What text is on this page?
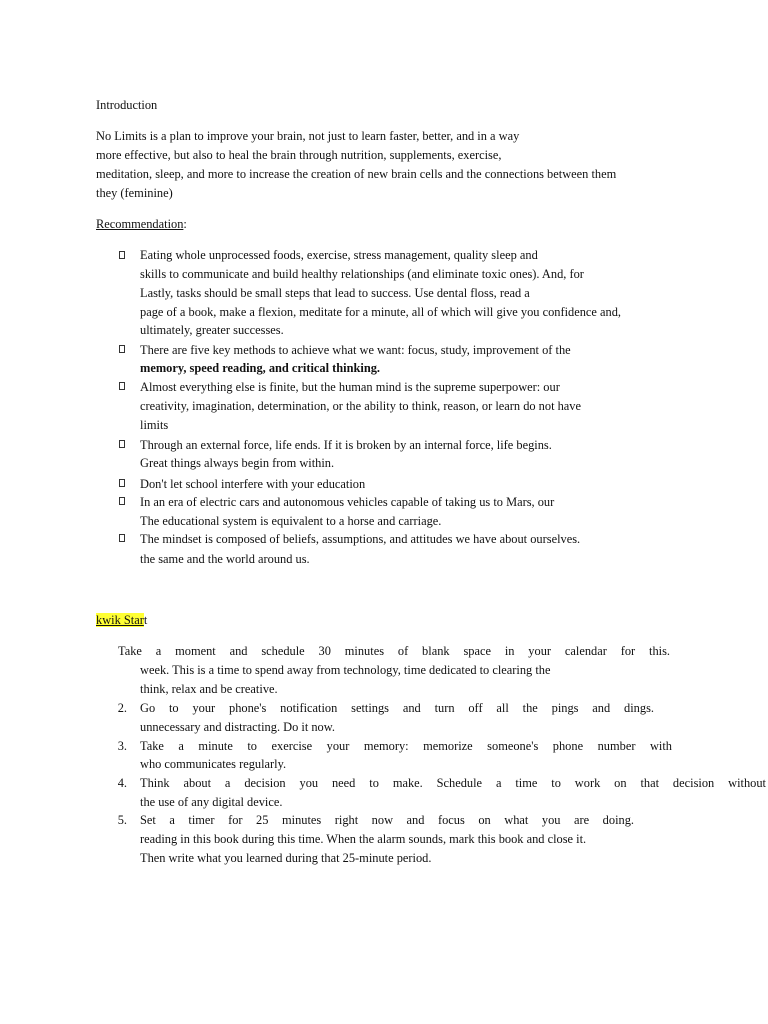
Introduction
No Limits is a plan to improve your brain, not just to learn faster, better, and in a way
more effective, but also to heal the brain through nutrition, supplements, exercise,
meditation, sleep, and more to increase the creation of new brain cells and the connections between them
they (feminine)
Recommendation:
Eating whole unprocessed foods, exercise, stress management, quality sleep and
skills to communicate and build healthy relationships (and eliminate toxic ones). And, for
Lastly, tasks should be small steps that lead to success. Use dental floss, read a
page of a book, make a flexion, meditate for a minute, all of which will give you confidence and,
ultimately, greater successes.
There are five key methods to achieve what we want: focus, study, improvement of the
memory, speed reading, and critical thinking.
Almost everything else is finite, but the human mind is the supreme superpower: our
creativity, imagination, determination, or the ability to think, reason, or learn do not have
limits
Through an external force, life ends. If it is broken by an internal force, life begins.
Great things always begin from within.
Don't let school interfere with your education
In an era of electric cars and autonomous vehicles capable of taking us to Mars, our
The educational system is equivalent to a horse and carriage.
The mindset is composed of beliefs, assumptions, and attitudes we have about ourselves.
the same and the world around us.
kwik Start
Take a moment and schedule 30 minutes of blank space in your calendar for this.
week. This is a time to spend away from technology, time dedicated to clearing the
think, relax and be creative.
2. Go to your phone's notification settings and turn off all the pings and dings.
unnecessary and distracting. Do it now.
3. Take a minute to exercise your memory: memorize someone's phone number with
who communicates regularly.
4. Think about a decision you need to make. Schedule a time to work on that decision without
the use of any digital device.
5. Set a timer for 25 minutes right now and focus on what you are doing.
reading in this book during this time. When the alarm sounds, mark this book and close it.
Then write what you learned during that 25-minute period.
